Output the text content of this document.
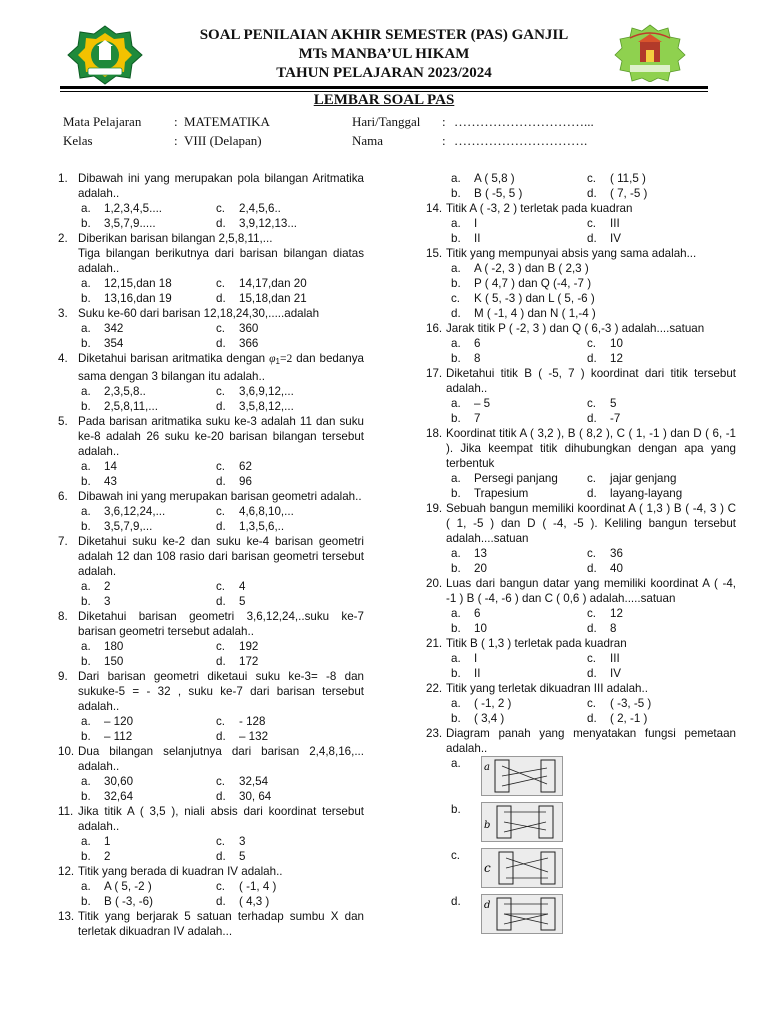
SOAL PENILAIAN AKHIR SEMESTER (PAS) GANJIL
MTs MANBA’UL HIKAM
TAHUN PELAJARAN 2023/2024
LEMBAR SOAL PAS
Mata Pelajaran	: MATEMATIKA	Hari/Tanggal : …………………………...
Kelas	: VIII (Delapan)	Nama	: ………………………….
1. Dibawah ini yang merupakan pola bilangan Aritmatika adalah..
a.	1,2,3,4,5....	c.	2,4,5,6..
b.	3,5,7,9.....	d.	3,9,12,13...
2. Diberikan barisan bilangan 2,5,8,11,...
Tiga bilangan berikutnya dari barisan bilangan diatas adalah..
a.	12,15,dan 18	c.	14,17,dan 20
b.	13,16,dan 19	d.	15,18,dan 21
3. Suku ke-60 dari barisan 12,18,24,30,.....adalah
a.	342	c.	360
b.	354	d.	366
4. Diketahui barisan aritmatika dengan $\varphi_1=2$ dan bedanya sama dengan 3 bilangan itu adalah..
a.	2,3,5,8..	c.	3,6,9,12,...
b.	2,5,8,11,...	d.	3,5,8,12,...
5. Pada barisan aritmatika suku ke-3 adalah 11 dan suku ke-8 adalah 26 suku ke-20 barisan bilangan tersebut adalah..
a.	14	c.	62
b.	43	d.	96
6. Dibawah ini yang merupakan barisan geometri adalah..
a.	3,6,12,24,...	c.	4,6,8,10,...
b.	3,5,7,9,...	d.	1,3,5,6,..
7. Diketahui suku ke-2 dan suku ke-4 barisan geometri adalah 12 dan 108 rasio dari barisan geometri tersebut adalah.
a.	2	c.	4
b.	3	d.	5
8. Diketahui barisan geometri 3,6,12,24,..suku ke-7 barisan geometri tersebut adalah..
a.	180	c.	192
b.	150	d.	172
9. Dari barisan geometri diketaui suku ke-3= -8 dan sukuke-5 = - 32 , suku ke-7 dari barisan tersebut adalah..
a.	– 120	c.	- 128
b.	– 112	d.	– 132
10. Dua bilangan selanjutnya dari barisan 2,4,8,16,... adalah..
a.	30,60	c.	32,54
b.	32,64	d.	30, 64
11. Jika titik A ( 3,5 ), niali absis dari koordinat tersebut adalah..
a.	1	c.	3
b.	2	d.	5
12. Titik yang berada di kuadran IV adalah..
a.	A ( 5, -2 )	c.	( -1, 4 )
b.	B ( -3, -6)	d.	( 4,3 )
13. Titik yang berjarak 5 satuan terhadap sumbu X dan terletak dikuadran IV adalah...
a.	A ( 5,8 )	c.	( 11,5 )
b.	B ( -5, 5 )	d.	( 7, -5 )
14. Titik A ( -3, 2 ) terletak pada kuadran
a.	I	c.	III
b.	II	d.	IV
15. Titik yang mempunyai absis yang sama adalah...
a.	A ( -2, 3 ) dan B ( 2,3 )
b.	P ( 4,7 ) dan Q (-4, -7 )
c.	K ( 5, -3 ) dan L ( 5, -6 )
d.	M ( -1, 4 ) dan N ( 1,-4 )
16. Jarak titik P ( -2, 3 ) dan Q ( 6,-3 ) adalah....satuan
a.	6	c.	10
b.	8	d.	12
17. Diketahui titik B ( -5, 7 ) koordinat dari titik tersebut adalah..
a.	– 5	c.	5
b.	7	d.	-7
18. Koordinat titik A ( 3,2 ), B ( 8,2 ), C ( 1, -1 ) dan D ( 6, -1 ). Jika keempat titik dihubungkan dengan apa yang terbentuk
a.	Persegi panjang	c.	jajar genjang
b.	Trapesium	d.	layang-layang
19. Sebuah bangun memiliki koordinat A ( 1,3 ) B ( -4, 3 ) C ( 1, -5 ) dan D ( -4, -5 ). Keliling bangun tersebut adalah....satuan
a.	13	c.	36
b.	20	d.	40
20. Luas dari bangun datar yang memiliki koordinat A ( -4, -1 ) B ( -4, -6 ) dan C ( 0,6 ) adalah.....satuan
a.	6	c.	12
b.	10	d.	8
21. Titik B ( 1,3 ) terletak pada kuadran
a.	I	c.	III
b.	II	d.	IV
22. Titik yang terletak dikuadran III adalah..
a.	( -1, 2 )	c.	( -3, -5 )
b.	( 3,4 )	d.	( 2, -1 )
23. Diagram panah yang menyatakan fungsi pemetaan adalah..
a.	a
b.
b
c.
c
d.	d
